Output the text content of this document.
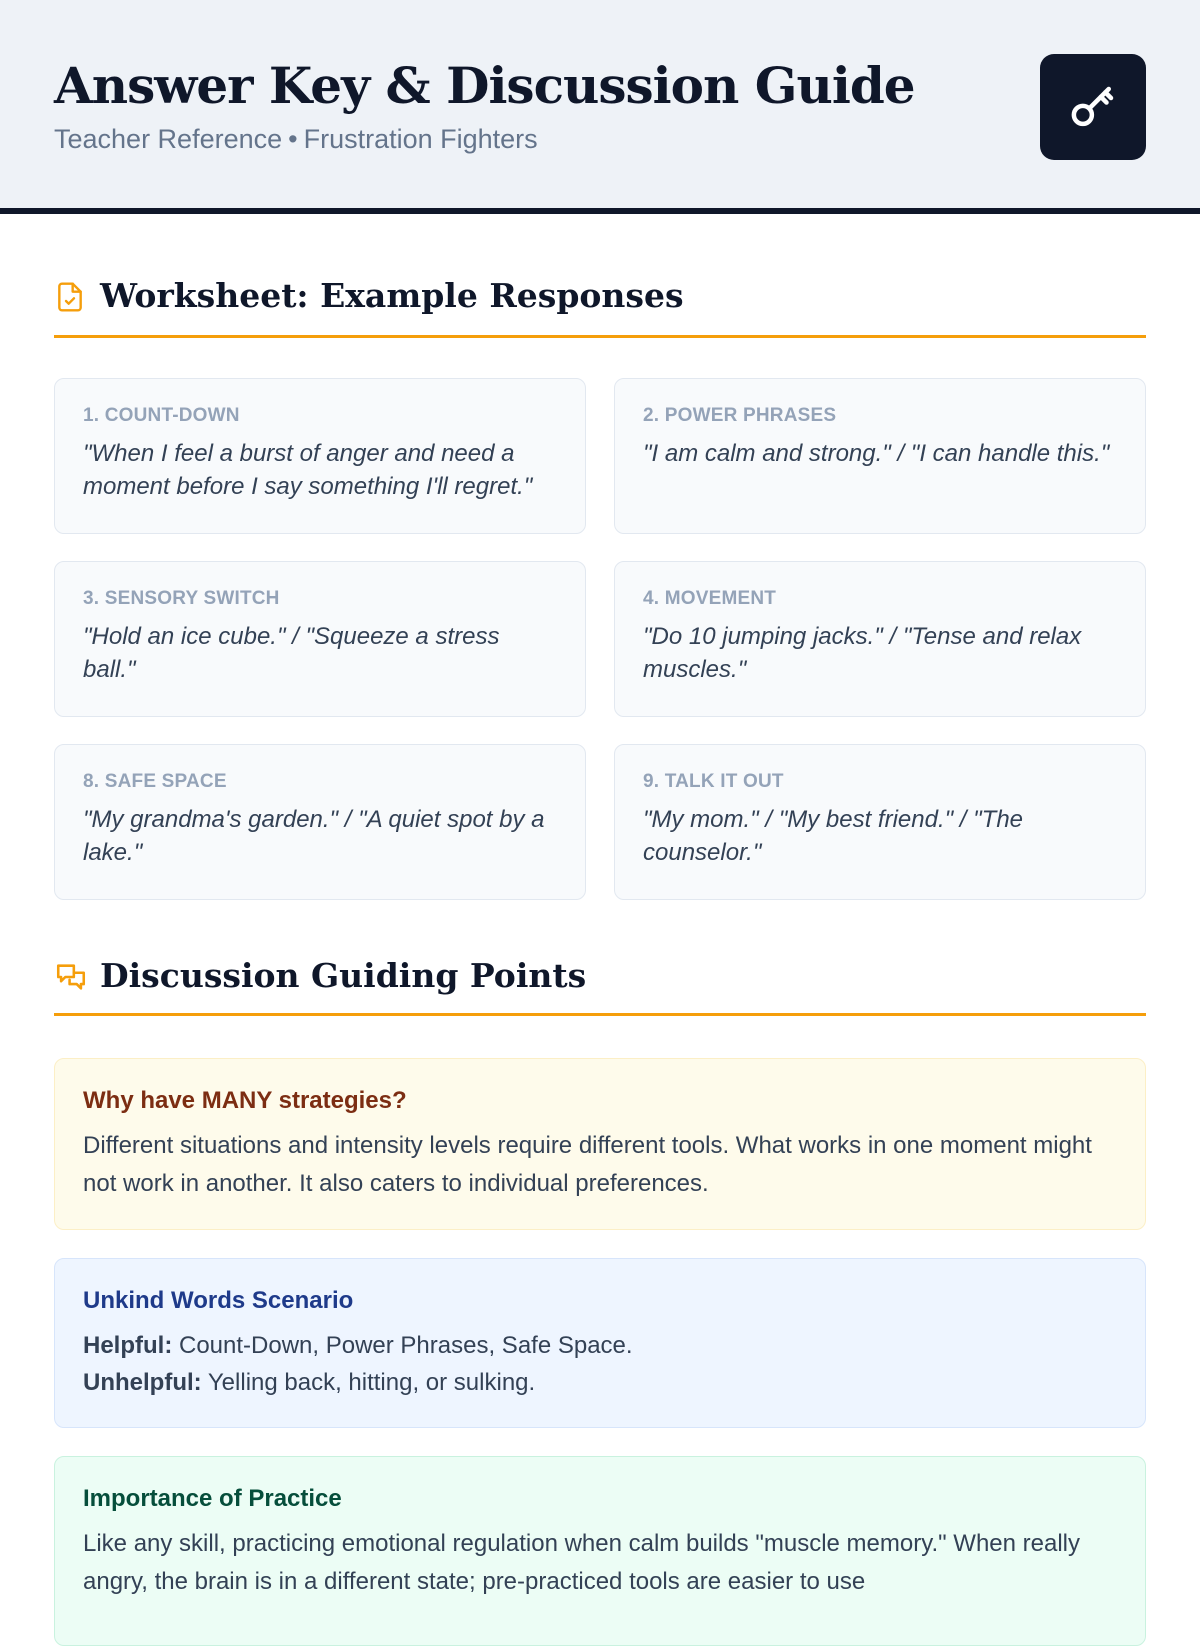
Answer Key & Discussion Guide
Teacher Reference • Frustration Fighters
Worksheet: Example Responses
1. COUNT-DOWN
"When I feel a burst of anger and need a moment before I say something I'll regret."
2. POWER PHRASES
"I am calm and strong." / "I can handle this."
3. SENSORY SWITCH
"Hold an ice cube." / "Squeeze a stress ball."
4. MOVEMENT
"Do 10 jumping jacks." / "Tense and relax muscles."
8. SAFE SPACE
"My grandma's garden." / "A quiet spot by a lake."
9. TALK IT OUT
"My mom." / "My best friend." / "The counselor."
Discussion Guiding Points
Why have MANY strategies?
Different situations and intensity levels require different tools. What works in one moment might not work in another. It also caters to individual preferences.
Unkind Words Scenario
Helpful: Count-Down, Power Phrases, Safe Space.
Unhelpful: Yelling back, hitting, or sulking.
Importance of Practice
Like any skill, practicing emotional regulation when calm builds "muscle memory." When really angry, the brain is in a different state; pre-practiced tools are easier to use
